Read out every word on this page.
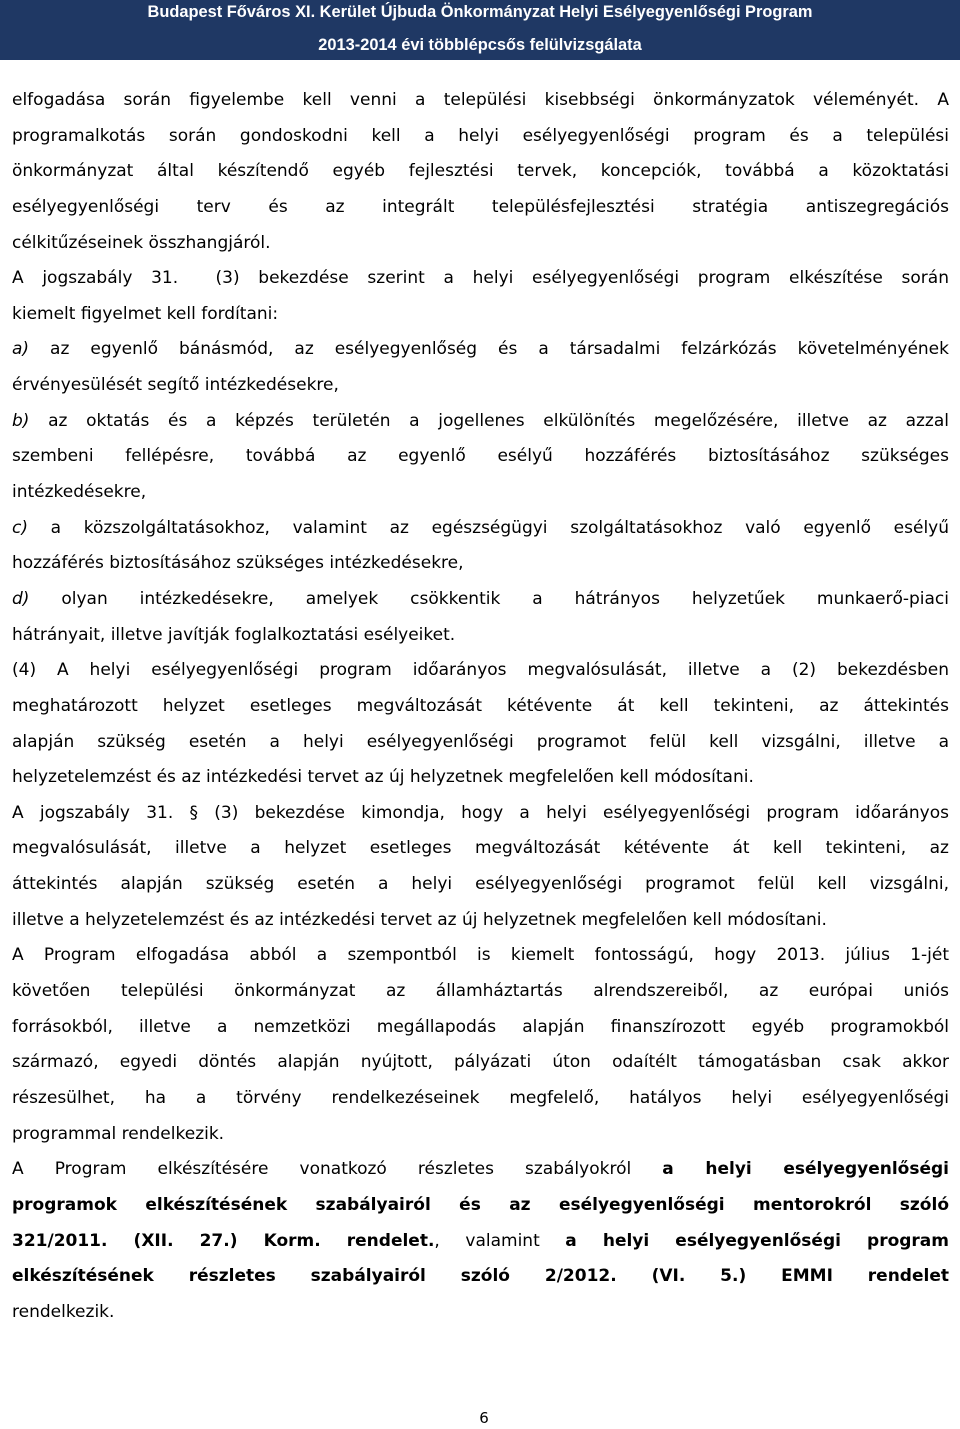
Budapest Főváros XI. Kerület Újbuda Önkormányzat Helyi Esélyegyenlőségi Program
2013-2014 évi többlépcsős felülvizsgálata
elfogadása során figyelembe kell venni a települési kisebbségi önkormányzatok véleményét. A
programalkotás során gondoskodni kell a helyi esélyegyenlőségi program és a települési
önkormányzat által készítendő egyéb fejlesztési tervek, koncepciók, továbbá a közoktatási
esélyegyenlőségi terv és az integrált településfejlesztési stratégia antiszegregációs
célkitűzéseinek összhangjáról.
A jogszabály 31.  (3) bekezdése szerint a helyi esélyegyenlőségi program elkészítése során
kiemelt figyelmet kell fordítani:
a) az egyenlő bánásmód, az esélyegyenlőség és a társadalmi felzárkózás követelményének
érvényesülését segítő intézkedésekre,
b) az oktatás és a képzés területén a jogellenes elkülönítés megelőzésére, illetve az azzal
szembeni fellépésre, továbbá az egyenlő esélyű hozzáférés biztosításához szükséges
intézkedésekre,
c) a közszolgáltatásokhoz, valamint az egészségügyi szolgáltatásokhoz való egyenlő esélyű
hozzáférés biztosításához szükséges intézkedésekre,
d) olyan intézkedésekre, amelyek csökkentik a hátrányos helyzetűek munkaerő-piaci
hátrányait, illetve javítják foglalkoztatási esélyeiket.
(4) A helyi esélyegyenlőségi program időarányos megvalósulását, illetve a (2) bekezdésben
meghatározott helyzet esetleges megváltozását kétévente át kell tekinteni, az áttekintés
alapján szükség esetén a helyi esélyegyenlőségi programot felül kell vizsgálni, illetve a
helyzetelemzést és az intézkedési tervet az új helyzetnek megfelelően kell módosítani.
A jogszabály 31. § (3) bekezdése kimondja, hogy a helyi esélyegyenlőségi program időarányos
megvalósulását, illetve a helyzet esetleges megváltozását kétévente át kell tekinteni, az
áttekintés alapján szükség esetén a helyi esélyegyenlőségi programot felül kell vizsgálni,
illetve a helyzetelemzést és az intézkedési tervet az új helyzetnek megfelelően kell módosítani.
A Program elfogadása abból a szempontból is kiemelt fontosságú, hogy 2013. július 1-jét
követően települési önkormányzat az államháztartás alrendszereiből, az európai uniós
forrásokból, illetve a nemzetközi megállapodás alapján finanszírozott egyéb programokból
származó, egyedi döntés alapján nyújtott, pályázati úton odaítélt támogatásban csak akkor
részesülhet, ha a törvény rendelkezéseinek megfelelő, hatályos helyi esélyegyenlőségi
programmal rendelkezik.
A Program elkészítésére vonatkozó részletes szabályokról a helyi esélyegyenlőségi
programok elkészítésének szabályairól és az esélyegyenlőségi mentorokról szóló
321/2011. (XII. 27.) Korm. rendelet., valamint a helyi esélyegyenlőségi program
elkészítésének részletes szabályairól szóló 2/2012. (VI. 5.) EMMI rendelet
rendelkezik.
6
